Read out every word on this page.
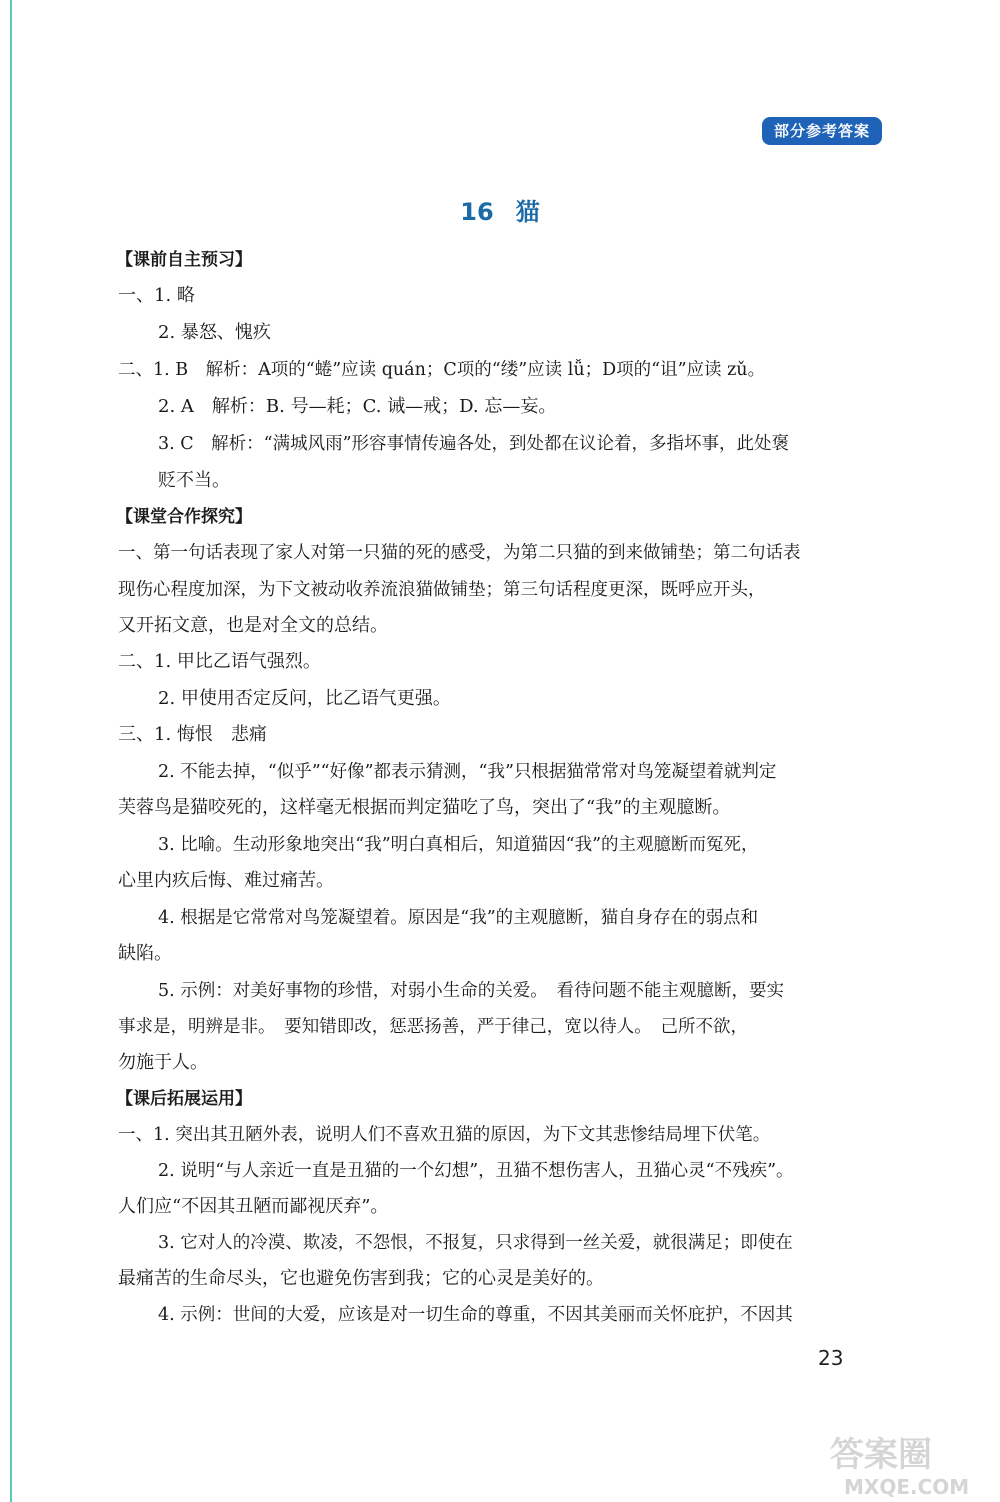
部分参考答案
16 猫
【课前自主预习】
一、1. 略
2. 暴怒、愧疚
二、1. B　解析：A项的“蜷”应读 quán；C项的“缕”应读 lǚ；D项的“诅”应读 zǔ。
2. A　解析：B. 号—耗；C. 诫—戒；D. 忘—妄。
3. C　解析：“满城风雨”形容事情传遍各处，到处都在议论着，多指坏事，此处褒
贬不当。
【课堂合作探究】
一、第一句话表现了家人对第一只猫的死的感受，为第二只猫的到来做铺垫；第二句话表
现伤心程度加深，为下文被动收养流浪猫做铺垫；第三句话程度更深，既呼应开头，
又开拓文意，也是对全文的总结。
二、1. 甲比乙语气强烈。
2. 甲使用否定反问，比乙语气更强。
三、1. 悔恨　悲痛
2. 不能去掉，“似乎”“好像”都表示猜测，“我”只根据猫常常对鸟笼凝望着就判定
芙蓉鸟是猫咬死的，这样毫无根据而判定猫吃了鸟，突出了“我”的主观臆断。
3. 比喻。生动形象地突出“我”明白真相后，知道猫因“我”的主观臆断而冤死，
心里内疚后悔、难过痛苦。
4. 根据是它常常对鸟笼凝望着。原因是“我”的主观臆断，猫自身存在的弱点和
缺陷。
5. 示例：对美好事物的珍惜，对弱小生命的关爱。　看待问题不能主观臆断，要实
事求是，明辨是非。　要知错即改，惩恶扬善，严于律己，宽以待人。　己所不欲，
勿施于人。
【课后拓展运用】
一、1. 突出其丑陋外表，说明人们不喜欢丑猫的原因，为下文其悲惨结局埋下伏笔。
2. 说明“与人亲近一直是丑猫的一个幻想”，丑猫不想伤害人，丑猫心灵“不残疾”。
人们应“不因其丑陋而鄙视厌弃”。
3. 它对人的冷漠、欺凌，不怨恨，不报复，只求得到一丝关爱，就很满足；即使在
最痛苦的生命尽头，它也避免伤害到我；它的心灵是美好的。
4. 示例：世间的大爱，应该是对一切生命的尊重，不因其美丽而关怀庇护，不因其
23
答案圈
MXQE.COM
